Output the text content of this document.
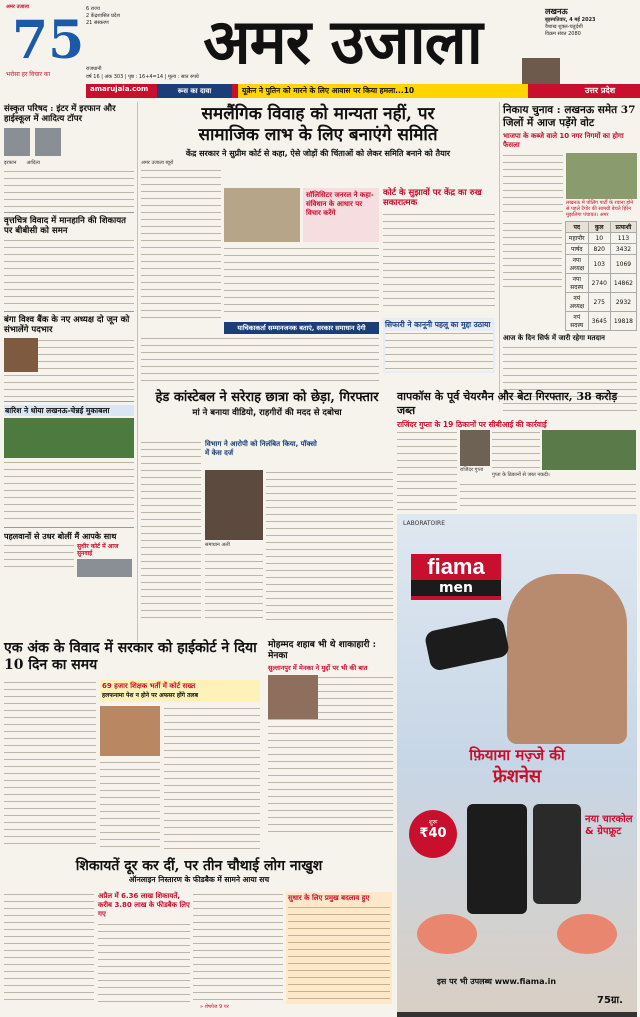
अमर उजाला
75
भरोसा हर विचार का
6 राज्य
2 केंद्रशासित प्रदेश
21 संस्करण
राजधानी
वर्ष 16 | अंक 303 | पृष्ठ : 16+4=14 | मूल्य : सात रुपये अमर उजाला	लखनऊ
बृहस्पतिवार, 4 मई 2023
वैशाख शुक्ल-चतुर्दशी
विक्रम संवत 2080
amarujala.com	रूस का दावा	यूक्रेन ने पुतिन को मारने के लिए आवास पर किया हमला...10	उत्तर प्रदेश
संस्कृत परिषद : इंटर में इरफान और हाईस्कूल में आदित्य टॉपर

इरफान आदित्य
वृत्तचित्र विवाद में मानहानि की शिकायत पर बीबीसी को समन
बंगा विश्व बैंक के नए अध्यक्ष दो जून को संभालेंगे पदभार
बारिश ने धोया लखनऊ-चेन्नई मुकाबला
पहलवानों से उधर बोलीं मैं आपके साथ
सुधीर कोर्ट में आज सुनवाई
समलैंगिक विवाह को मान्यता नहीं, पर
सामाजिक लाभ के लिए बनाएंगे समिति
केंद्र सरकार ने सुप्रीम कोर्ट से कहा, ऐसे जोड़ों की चिंताओं को लेकर समिति बनाने को तैयार
अमर उजाला ब्यूरो
सॉलिसिटर जनरल ने कहा-संविधान के आधार पर विचार करेंगे
कोर्ट के सुझावों पर केंद्र का रुख सकारात्मक
याचिकाकर्ता सम्मानजनक बताएं, सरकार समाधान देगी	सिफारी ने कानूनी पहलू का मुद्दा उठाया
निकाय चुनाव : लखनऊ समेत 37 जिलों में आज पड़ेंगे वोट
भाजपा के कब्जे वाले 10 नगर निगमों का होगा फैसला
लखनऊ में पोलिंग पार्टी के रवाना होने से पहले टैगोर की सामग्री बेचते हिरेन मुझलिगा पंचायत। अमर
पद	कुल	प्रत्याशी
महापौर	10	113
पार्षद	820	3432
नपा अध्यक्ष	103	1069
नपा सदस्य	2740	14862
नपं अध्यक्ष	275	2932
नपं सदस्य	3645	19818
आज के दिन सिर्फ में जारी रहेगा मतदान
हेड कांस्टेबल ने सरेराह छात्रा को छेड़ा, गिरफ्तार
मां ने बनाया वीडियो, राहगीरों की मदद से दबोचा
विभाग ने आरोपी को निलंबित किया, पॉक्सो में केस दर्ज
समाधान अली
वापकॉस के पूर्व चेयरमैन और बेटा गिरफ्तार, 38 करोड़ जब्त
राजिंदर गुप्ता के 19 ठिकानों पर सीबीआई की कार्रवाई
राजिंदर गुप्ता
गुप्ता के ठिकानों से जब्त नकदी।
एक अंक के विवाद में सरकार को हाईकोर्ट ने दिया 10 दिन का समय
69 हजार शिक्षक भर्ती में कोर्ट सख्त
हलफनामा पेश न होने पर अफसर होंगे तलब
मोहम्मद शहाब भी थे शाकाहारी : मेनका
सुल्तानपुर में मेनका ने मुद्दों पर भी की बात
LABORATOIRE
fiama
men
फ़ियामा मज़्जे की
फ्रेशनेस
शुरू
₹40
नया चारकोल & ग्रेपफ्रूट
इस पर भी उपलब्ध www.fiama.in
75ग्रा.
शिकायतें दूर कर दीं, पर तीन चौथाई लोग नाखुश
ऑनलाइन निस्तारण के फीडबैक में सामने आया सच
अप्रैल में 6.36 लाख शिकायतें, करीब 3.80 लाख के फीडबैक लिए गए
सुधार के लिए प्रमुख बदलाव हुए
» शेषपेज 9 पर
